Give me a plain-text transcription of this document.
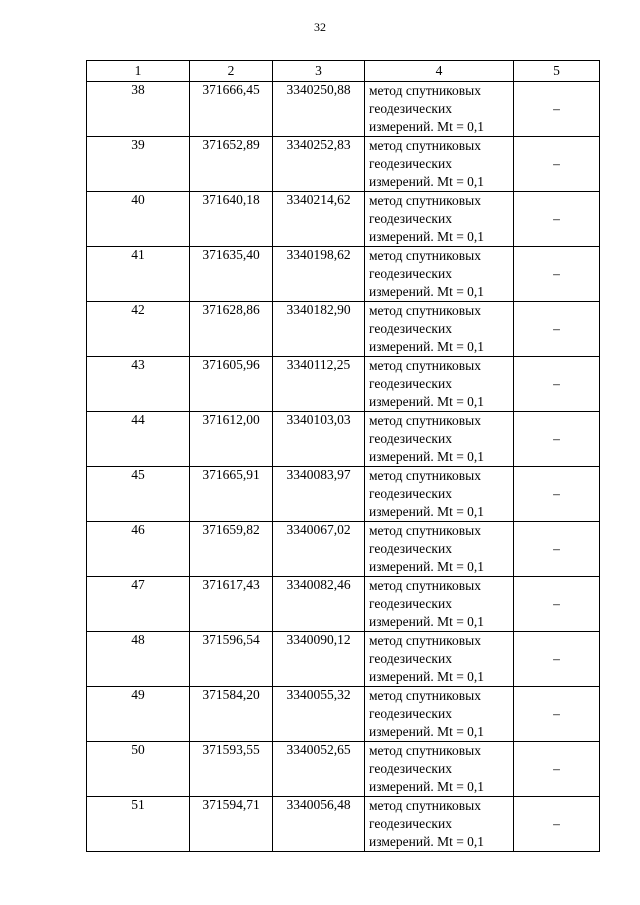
32
1	2	3	4	5
38	371666,45	3340250,88	метод спутниковых
геодезических
измерений. Mt = 0,1	–
39	371652,89	3340252,83	метод спутниковых
геодезических
измерений. Mt = 0,1	–
40	371640,18	3340214,62	метод спутниковых
геодезических
измерений. Mt = 0,1	–
41	371635,40	3340198,62	метод спутниковых
геодезических
измерений. Mt = 0,1	–
42	371628,86	3340182,90	метод спутниковых
геодезических
измерений. Mt = 0,1	–
43	371605,96	3340112,25	метод спутниковых
геодезических
измерений. Mt = 0,1	–
44	371612,00	3340103,03	метод спутниковых
геодезических
измерений. Mt = 0,1	–
45	371665,91	3340083,97	метод спутниковых
геодезических
измерений. Mt = 0,1	–
46	371659,82	3340067,02	метод спутниковых
геодезических
измерений. Mt = 0,1	–
47	371617,43	3340082,46	метод спутниковых
геодезических
измерений. Mt = 0,1	–
48	371596,54	3340090,12	метод спутниковых
геодезических
измерений. Mt = 0,1	–
49	371584,20	3340055,32	метод спутниковых
геодезических
измерений. Mt = 0,1	–
50	371593,55	3340052,65	метод спутниковых
геодезических
измерений. Mt = 0,1	–
51	371594,71	3340056,48	метод спутниковых
геодезических
измерений. Mt = 0,1	–
